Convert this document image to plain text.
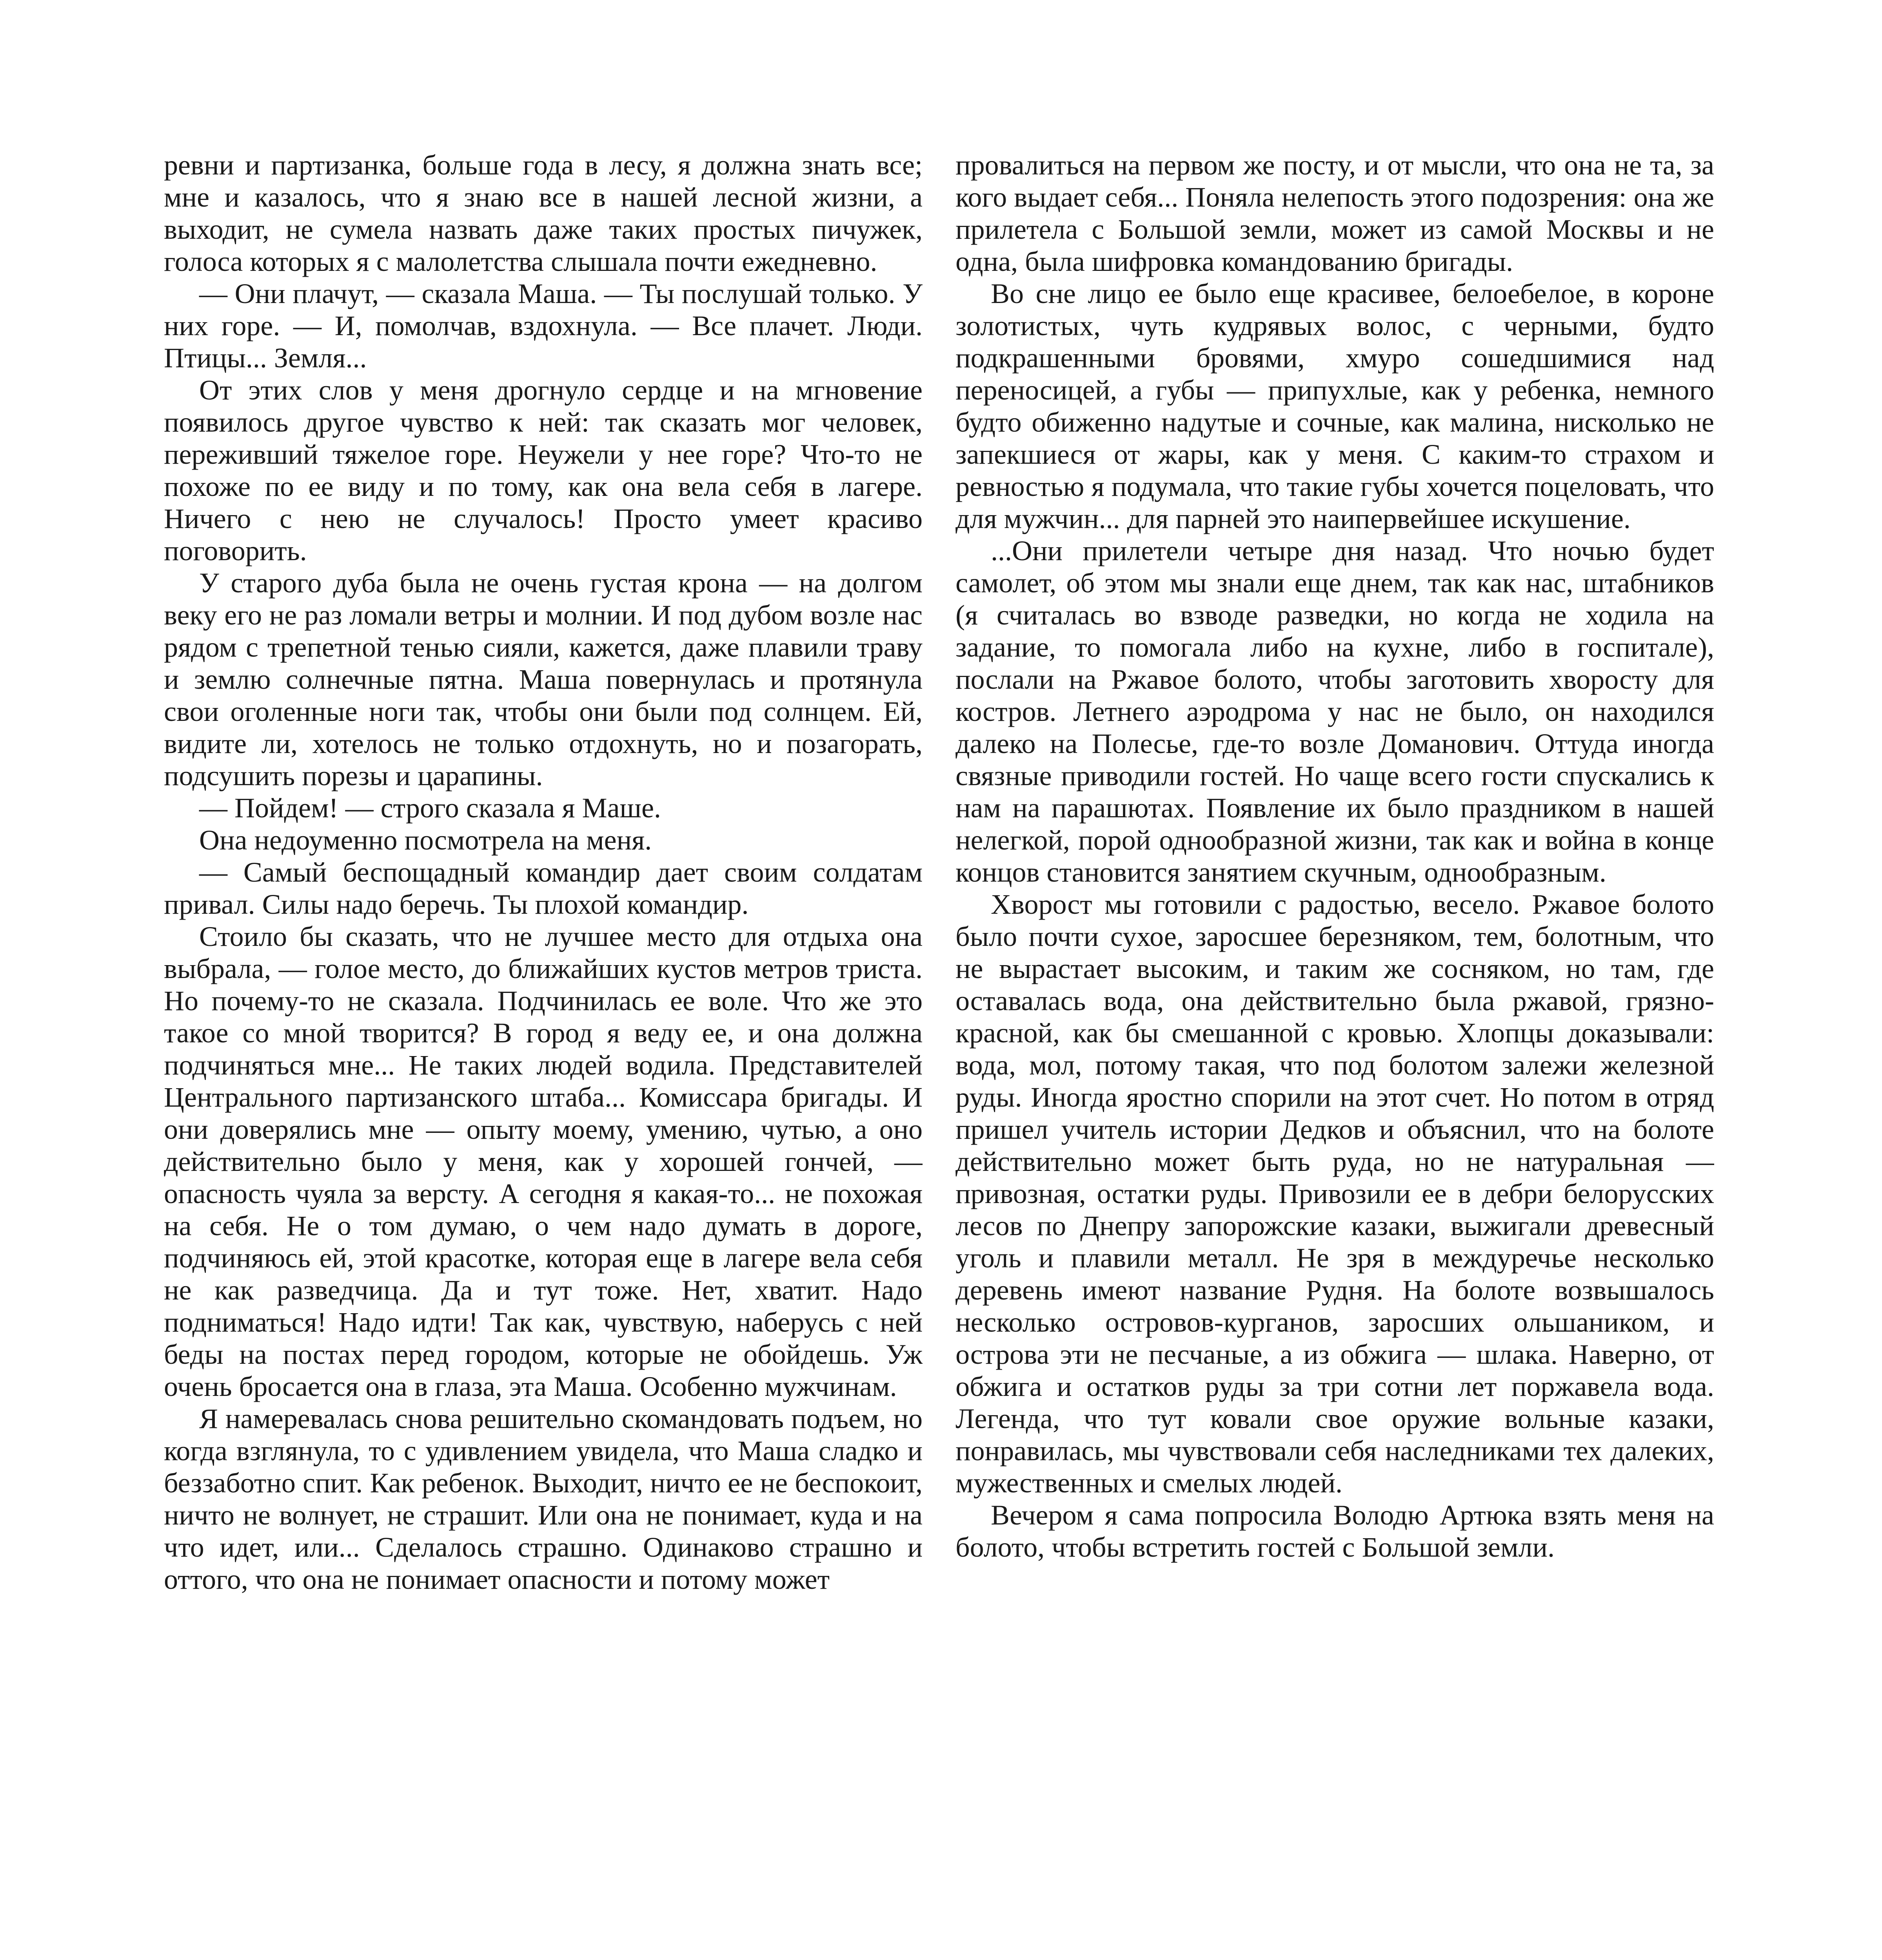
ревни и партизанка, больше года в лесу, я должна знать все; мне и казалось, что я знаю все в нашей лесной жизни, а выходит, не сумела назвать даже таких простых пичужек, голоса которых я с малолетства слышала почти ежедневно.

— Они плачут, — сказала Маша. — Ты послушай только. У них горе. — И, помолчав, вздохнула. — Все плачет. Люди. Птицы... Земля...

От этих слов у меня дрогнуло сердце и на мгновение появилось другое чувство к ней: так сказать мог человек, переживший тяжелое горе. Неужели у нее горе? Что-то не похоже по ее виду и по тому, как она вела себя в лагере. Ничего с нею не случалось! Просто умеет красиво поговорить.

У старого дуба была не очень густая крона — на долгом веку его не раз ломали ветры и молнии. И под дубом возле нас рядом с трепетной тенью сияли, кажется, даже плавили траву и землю солнечные пятна. Маша повернулась и протянула свои оголенные ноги так, чтобы они были под солнцем. Ей, видите ли, хотелось не только отдохнуть, но и позагорать, подсушить порезы и царапины.

— Пойдем! — строго сказала я Маше.

Она недоуменно посмотрела на меня.

— Самый беспощадный командир дает своим солдатам привал. Силы надо беречь. Ты плохой командир.

Стоило бы сказать, что не лучшее место для отдыха она выбрала, — голое место, до ближайших кустов метров триста. Но почему-то не сказала. Подчинилась ее воле. Что же это такое со мной творится? В город я веду ее, и она должна подчиняться мне... Не таких людей водила. Представителей Центрального партизанского штаба... Комиссара бригады. И они доверялись мне — опыту моему, умению, чутью, а оно действительно было у меня, как у хорошей гончей, — опасность чуяла за версту. А сегодня я какая-то... не похожая на себя. Не о том думаю, о чем надо думать в дороге, подчиняюсь ей, этой красотке, которая еще в лагере вела себя не как разведчица. Да и тут тоже. Нет, хватит. Надо подниматься! Надо идти! Так как, чувствую, наберусь с ней беды на постах перед городом, которые не обойдешь. Уж очень бросается она в глаза, эта Маша. Особенно мужчинам.

Я намеревалась снова решительно скомандовать подъем, но когда взглянула, то с удивлением увидела, что Маша сладко и беззаботно спит. Как ребенок. Выходит, ничто ее не беспокоит, ничто не волнует, не страшит. Или она не понимает, куда и на что идет, или... Сделалось страшно. Одинаково страшно и оттого, что она не понимает опасности и потому может

провалиться на первом же посту, и от мысли, что она не та, за кого выдает себя... Поняла нелепость этого подозрения: она же прилетела с Большой земли, может из самой Москвы и не одна, была шифровка командованию бригады.

Во сне лицо ее было еще красивее, белоебелое, в короне золотистых, чуть кудрявых волос, с черными, будто подкрашенными бровями, хмуро сошедшимися над переносицей, а губы — припухлые, как у ребенка, немного будто обиженно надутые и сочные, как малина, нисколько не запекшиеся от жары, как у меня. С каким-то страхом и ревностью я подумала, что такие губы хочется поцеловать, что для мужчин... для парней это наипервейшее искушение.

...Они прилетели четыре дня назад. Что ночью будет самолет, об этом мы знали еще днем, так как нас, штабников (я считалась во взводе разведки, но когда не ходила на задание, то помогала либо на кухне, либо в госпитале), послали на Ржавое болото, чтобы заготовить хворосту для костров. Летнего аэродрома у нас не было, он находился далеко на Полесье, где-то возле Доманович. Оттуда иногда связные приводили гостей. Но чаще всего гости спускались к нам на парашютах. Появление их было праздником в нашей нелегкой, порой однообразной жизни, так как и война в конце концов становится занятием скучным, однообразным.

Хворост мы готовили с радостью, весело. Ржавое болото было почти сухое, заросшее березняком, тем, болотным, что не вырастает высоким, и таким же сосняком, но там, где оставалась вода, она действительно была ржавой, грязно-красной, как бы смешанной с кровью. Хлопцы доказывали: вода, мол, потому такая, что под болотом залежи железной руды. Иногда яростно спорили на этот счет. Но потом в отряд пришел учитель истории Дедков и объяснил, что на болоте действительно может быть руда, но не натуральная — привозная, остатки руды. Привозили ее в дебри белорусских лесов по Днепру запорожские казаки, выжигали древесный уголь и плавили металл. Не зря в междуречье несколько деревень имеют название Рудня. На болоте возвышалось несколько островов-курганов, заросших ольшаником, и острова эти не песчаные, а из обжига — шлака. Наверно, от обжига и остатков руды за три сотни лет поржавела вода. Легенда, что тут ковали свое оружие вольные казаки, понравилась, мы чувствовали себя наследниками тех далеких, мужественных и смелых людей.

Вечером я сама попросила Володю Артюка взять меня на болото, чтобы встретить гостей с Большой земли.
